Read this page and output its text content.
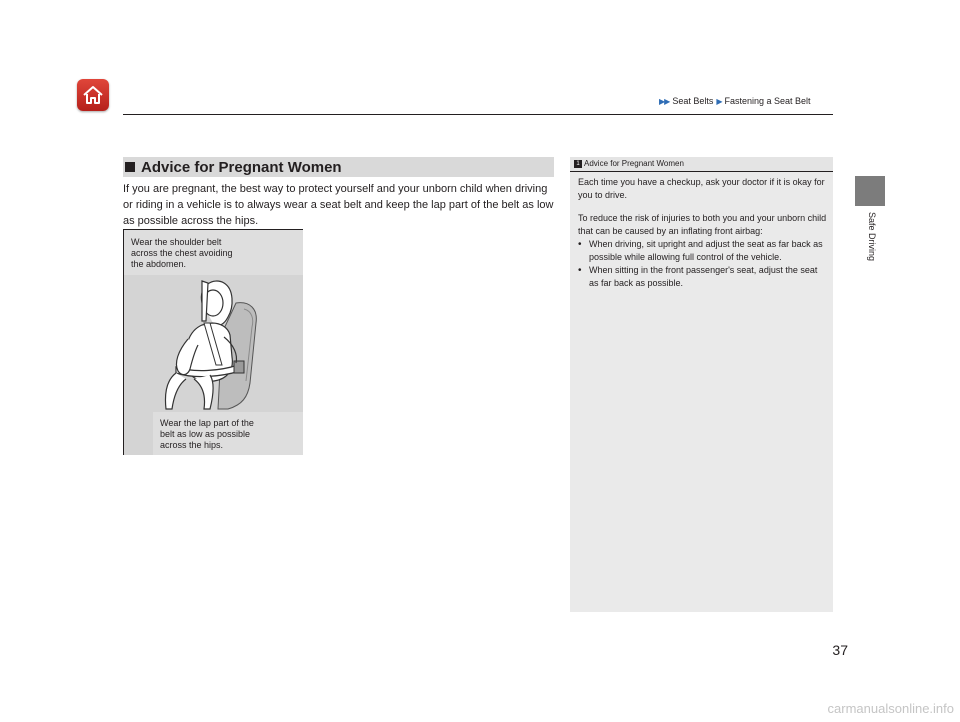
▶▶ Seat Belts ▶ Fastening a Seat Belt
Safe Driving
Advice for Pregnant Women
If you are pregnant, the best way to protect yourself and your unborn child when driving or riding in a vehicle is to always wear a seat belt and keep the lap part of the belt as low as possible across the hips.
Wear the shoulder belt
across the chest avoiding
the abdomen.
Wear the lap part of the
belt as low as possible
across the hips.
1 Advice for Pregnant Women

Each time you have a checkup, ask your doctor if it is okay for you to drive.

To reduce the risk of injuries to both you and your unborn child that can be caused by an inflating front airbag:

• When driving, sit upright and adjust the seat as far back as possible while allowing full control of the vehicle.
• When sitting in the front passenger's seat, adjust the seat as far back as possible.
37
carmanualsonline.info
